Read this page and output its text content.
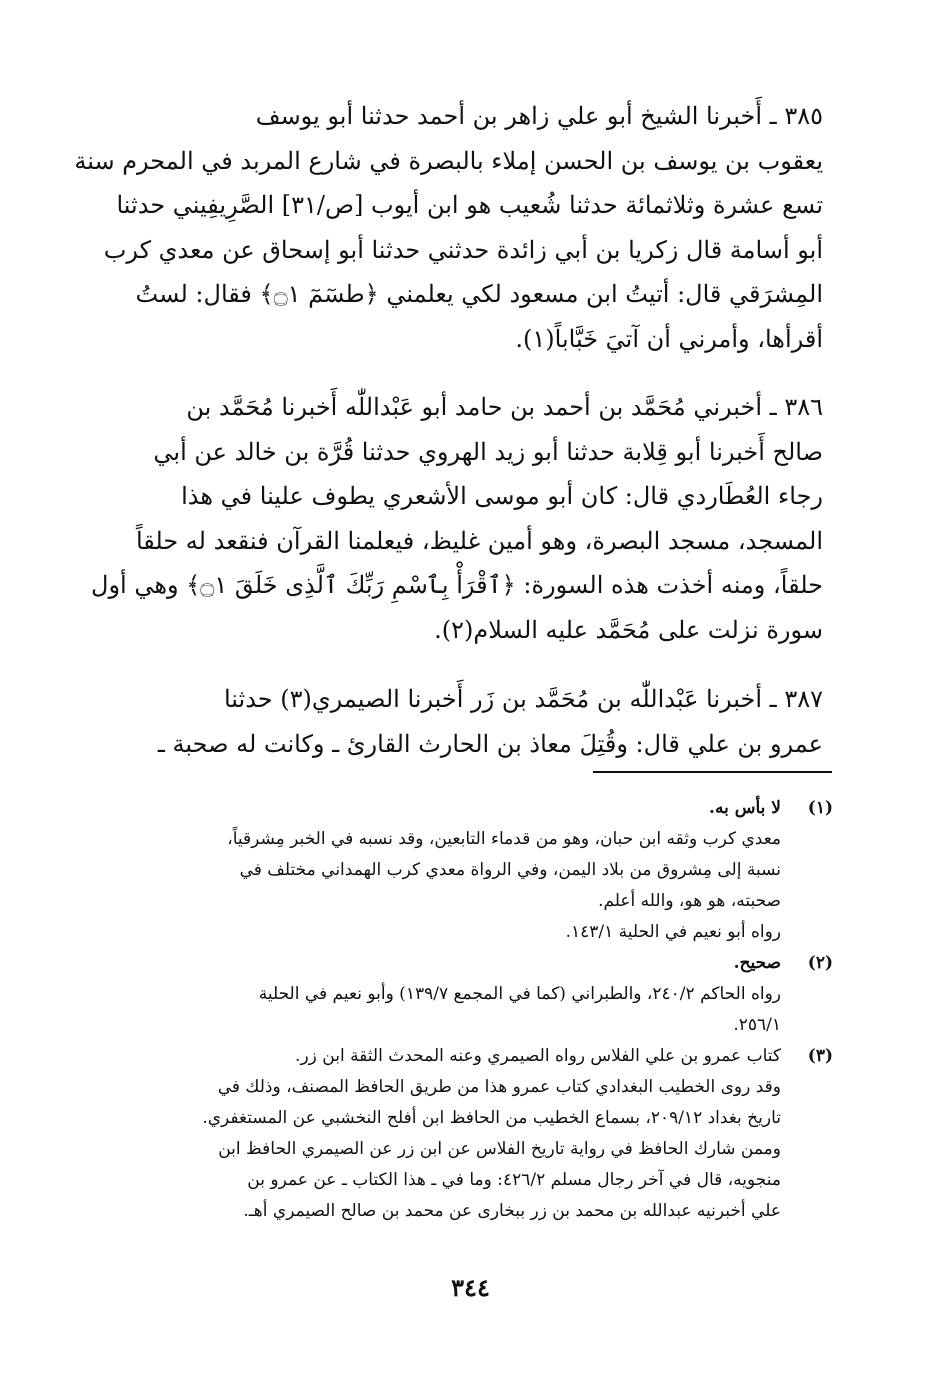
٣٨٥ ـ أَخبرنا الشيخ أبو علي زاهر بن أحمد حدثنا أبو يوسف
يعقوب بن يوسف بن الحسن إملاء بالبصرة في شارع المربد في المحرم سنة
تسع عشرة وثلاثمائة حدثنا شُعيب هو ابن أيوب [ص/٣١] الصَّرِيفِيني حدثنا
أبو أسامة قال زكريا بن أبي زائدة حدثني حدثنا أبو إسحاق عن معدي كرب
المِشرَقي قال: أتيتُ ابن مسعود لكي يعلمني ﴿طسٓمٓ ۝١﴾ فقال: لستُ
أقرأها، وأمرني أن آتيَ خَبَّاباً(١).
٣٨٦ ـ أخبرني مُحَمَّد بن أحمد بن حامد أبو عَبْداللّٰه أَخبرنا مُحَمَّد بن
صالح أَخبرنا أبو قِلابة حدثنا أبو زيد الهروي حدثنا قُرَّة بن خالد عن أبي
رجاء العُطَاردي قال: كان أبو موسى الأشعري يطوف علينا في هذا
المسجد، مسجد البصرة، وهو أمين غليظ، فيعلمنا القرآن فنقعد له حلقاً
حلقاً، ومنه أخذت هذه السورة: ﴿ٱقْرَأْ بِٱسْمِ رَبِّكَ ٱلَّذِى خَلَقَ ۝١﴾ وهي أول
سورة نزلت على مُحَمَّد عليه السلام(٢).
٣٨٧ ـ أخبرنا عَبْداللّٰه بن مُحَمَّد بن زَر أَخبرنا الصيمري(٣) حدثنا
عمرو بن علي قال: وقُتِلَ معاذ بن الحارث القارئ ـ وكانت له صحبة ـ
(١)
لا بأس به.
معدي كرب وثقه ابن حبان، وهو من قدماء التابعين، وقد نسبه في الخبر مِشرقياً،
نسبة إلى مِشروق من بلاد اليمن، وفي الرواة معدي كرب الهمداني مختلف في
صحبته، هو هو، والله أعلم.
رواه أبو نعيم في الحلية ١٤٣/١.
(٢)
صحيح.
رواه الحاكم ٢٤٠/٢، والطبراني (كما في المجمع ١٣٩/٧) وأبو نعيم في الحلية
٢٥٦/١.
(٣)
كتاب عمرو بن علي الفلاس رواه الصيمري وعنه المحدث الثقة ابن زر.
وقد روى الخطيب البغدادي كتاب عمرو هذا من طريق الحافظ المصنف، وذلك في
تاريخ بغداد ٢٠٩/١٢، بسماع الخطيب من الحافظ ابن أفلح النخشبي عن المستغفري.
وممن شارك الحافظ في رواية تاريخ الفلاس عن ابن زر عن الصيمري الحافظ ابن
منجويه، قال في آخر رجال مسلم ٤٢٦/٢: وما في ـ هذا الكتاب ـ عن عمرو بن
علي أخبرنيه عبدالله بن محمد بن زر ببخارى عن محمد بن صالح الصيمري أهـ.
٣٤٤
